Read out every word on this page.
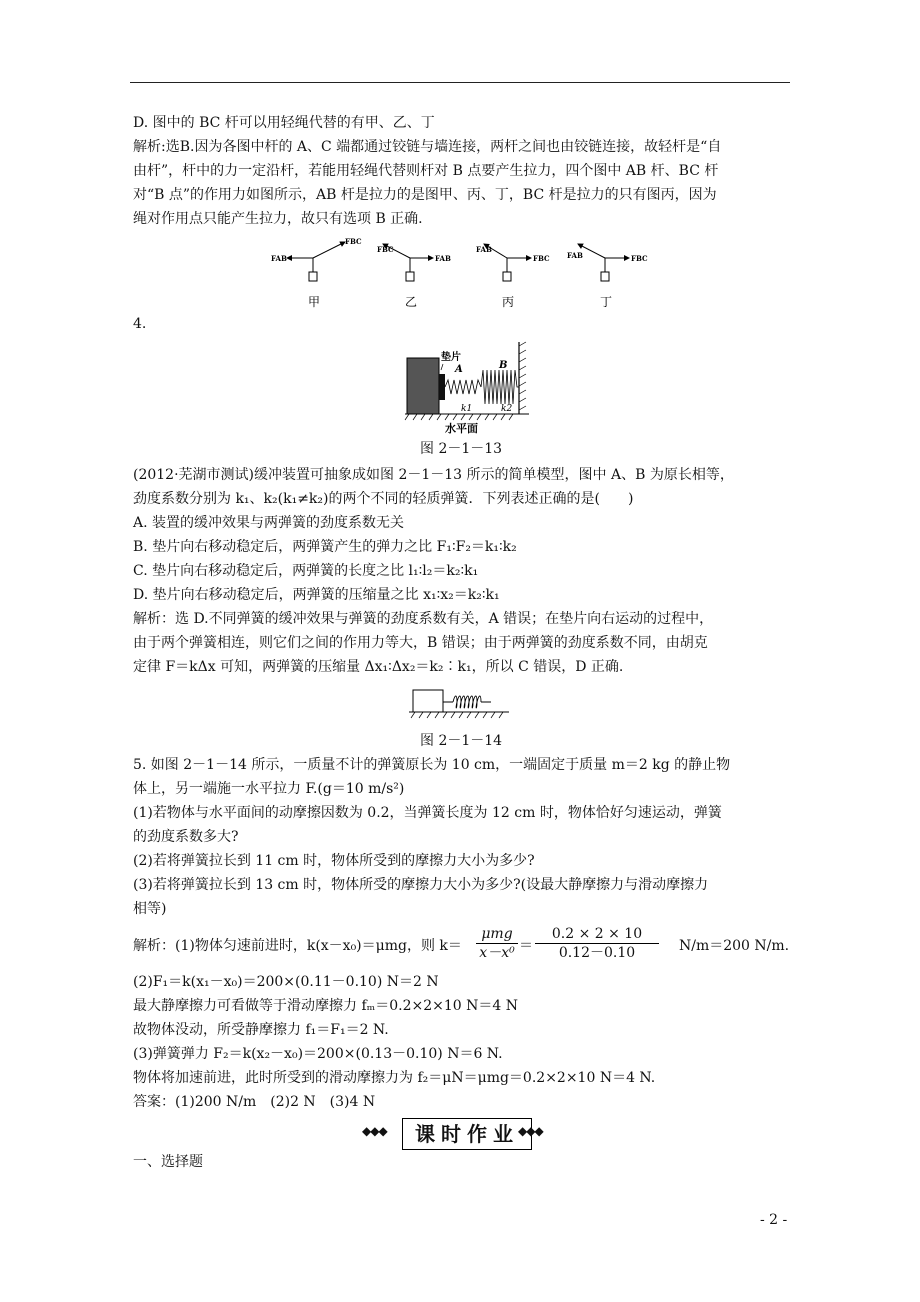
D. 图中的 BC 杆可以用轻绳代替的有甲、乙、丁
解析:选B.因为各图中杆的 A、C 端都通过铰链与墙连接，两杆之间也由铰链连接，故轻杆是“自
由杆”，杆中的力一定沿杆，若能用轻绳代替则杆对 B 点要产生拉力，四个图中 AB 杆、BC 杆
对“B 点”的作用力如图所示，AB 杆是拉力的是图甲、丙、丁，BC 杆是拉力的只有图丙，因为
绳对作用点只能产生拉力，故只有选项 B 正确.
FAB
FBC
甲
FBC
FAB
乙
FAB
FBC
丙
FAB	FBC
丁
4.
垫片
A	B
k1	k2
水平面
图 2－1－13
(2012·芜湖市测试)缓冲装置可抽象成如图 2－1－13 所示的简单模型，图中 A、B 为原长相等，
劲度系数分别为 k₁、k₂(k₁≠k₂)的两个不同的轻质弹簧．下列表述正确的是(　　)
A. 装置的缓冲效果与两弹簧的劲度系数无关
B. 垫片向右移动稳定后，两弹簧产生的弹力之比 F₁∶F₂＝k₁∶k₂
C. 垫片向右移动稳定后，两弹簧的长度之比 l₁∶l₂＝k₂∶k₁
D. 垫片向右移动稳定后，两弹簧的压缩量之比 x₁∶x₂＝k₂∶k₁
解析：选 D.不同弹簧的缓冲效果与弹簧的劲度系数有关，A 错误；在垫片向右运动的过程中，
由于两个弹簧相连，则它们之间的作用力等大，B 错误；由于两弹簧的劲度系数不同，由胡克
定律 F＝kΔx 可知，两弹簧的压缩量 Δx₁∶Δx₂＝k₂∶k₁，所以 C 错误，D 正确.
图 2－1－14
5. 如图 2－1－14 所示，一质量不计的弹簧原长为 10 cm，一端固定于质量 m＝2 kg 的静止物
体上，另一端施一水平拉力 F.(g＝10 m/s²)
(1)若物体与水平面间的动摩擦因数为 0.2，当弹簧长度为 12 cm 时，物体恰好匀速运动，弹簧
的劲度系数多大?
(2)若将弹簧拉长到 11 cm 时，物体所受到的摩擦力大小为多少?
(3)若将弹簧拉长到 13 cm 时，物体所受的摩擦力大小为多少?(设最大静摩擦力与滑动摩擦力
相等)
解析：(1)物体匀速前进时，k(x－x₀)＝μmg，则 k＝
μmg
x－x⁰ ＝
0.2 × 2 × 10
0.12－0.10	N/m＝200 N/m.
(2)F₁＝k(x₁－x₀)＝200×(0.11－0.10) N＝2 N
最大静摩擦力可看做等于滑动摩擦力 fₘ＝0.2×2×10 N＝4 N
故物体没动，所受静摩擦力 f₁＝F₁＝2 N.
(3)弹簧弹力 F₂＝k(x₂－x₀)＝200×(0.13－0.10) N＝6 N.
物体将加速前进，此时所受到的滑动摩擦力为 f₂＝μN＝μmg＝0.2×2×10 N＝4 N.
答案：(1)200 N/m　(2)2 N　(3)4 N
◆◆◆	课时作业 ◆◆◆
一、选择题
- 2 -
